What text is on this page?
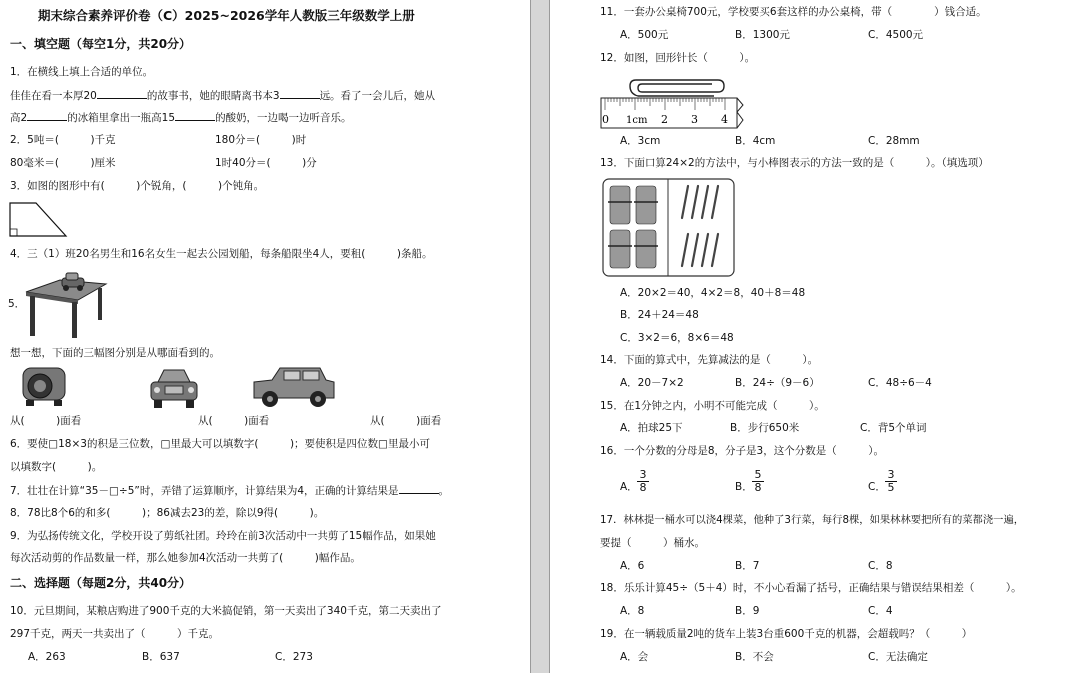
期末综合素养评价卷（C）2025~2026学年人教版三年级数学上册
一、填空题（每空1分，共20分）
1．在横线上填上合适的单位。
佳佳在看一本厚20	的故事书，她的眼睛离书本3	远。看了一会儿后，她从
高2	的冰箱里拿出一瓶高15	的酸奶，一边喝一边听音乐。
2．5吨＝(　　　)千克	180分＝(　　　)时
80毫米＝(　　　)厘米	1时40分＝(　　　)分
3．如图的图形中有(　　　)个锐角，(　　　)个钝角。
4．三（1）班20名男生和16名女生一起去公园划船，每条船限坐4人，要租(　　　)条船。
5．
想一想，下面的三幅图分别是从哪面看到的。
从(　　　)面看	从(　　　)面看	从(　　　)面看
6．要使□18×3的积是三位数，□里最大可以填数字(　　　)；要使积是四位数□里最小可
以填数字(　　　)。
7．壮壮在计算“35－□÷5”时，弄错了运算顺序，计算结果为4，正确的计算结果是	。
8．78比8个6的和多(　　　)；86减去23的差，除以9得(　　　)。
9．为弘扬传统文化，学校开设了剪纸社团。玲玲在前3次活动中一共剪了15幅作品，如果她
每次活动剪的作品数量一样，那么她参加4次活动一共剪了(　　　)幅作品。
二、选择题（每题2分，共40分）
10．元旦期间，某粮店购进了900千克的大米搞促销，第一天卖出了340千克，第二天卖出了
297千克，两天一共卖出了（　　　）千克。
A．263	B．637	C．273
11．一套办公桌椅700元，学校要买6套这样的办公桌椅，带（　　　　）钱合适。
A．500元	B．1300元	C．4500元
12．如图，回形针长（　　　）。
0 1cm 2 3 4
A．3cm	B．4cm	C．28mm
13．下面口算24×2的方法中，与小棒图表示的方法一致的是（　　　）。（填选项）
A．20×2＝40，4×2＝8，40＋8＝48
B．24＋24＝48
C．3×2＝6，8×6＝48
14．下面的算式中，先算减法的是（　　　）。
A．20－7×2	B．24÷（9－6）	C．48÷6－4
15．在1分钟之内，小明不可能完成（　　　）。
A．拍球25下	B．步行650米	C．背5个单词
16．一个分数的分母是8，分子是3，这个分数是（　　　）。
A． $\frac{3}{8}$	B． $\frac{5}{8}$	C． $\frac{3}{5}$
17．林林提一桶水可以浇4棵菜，他种了3行菜，每行8棵，如果林林要把所有的菜都浇一遍，
要提（　　　）桶水。
A．6	B．7	C．8
18．乐乐计算45÷（5＋4）时，不小心看漏了括号，正确结果与错误结果相差（　　　）。
A．8	B．9	C．4
19．在一辆载质量2吨的货车上装3台重600千克的机器，会超载吗？（　　　）
A．会	B．不会	C．无法确定
